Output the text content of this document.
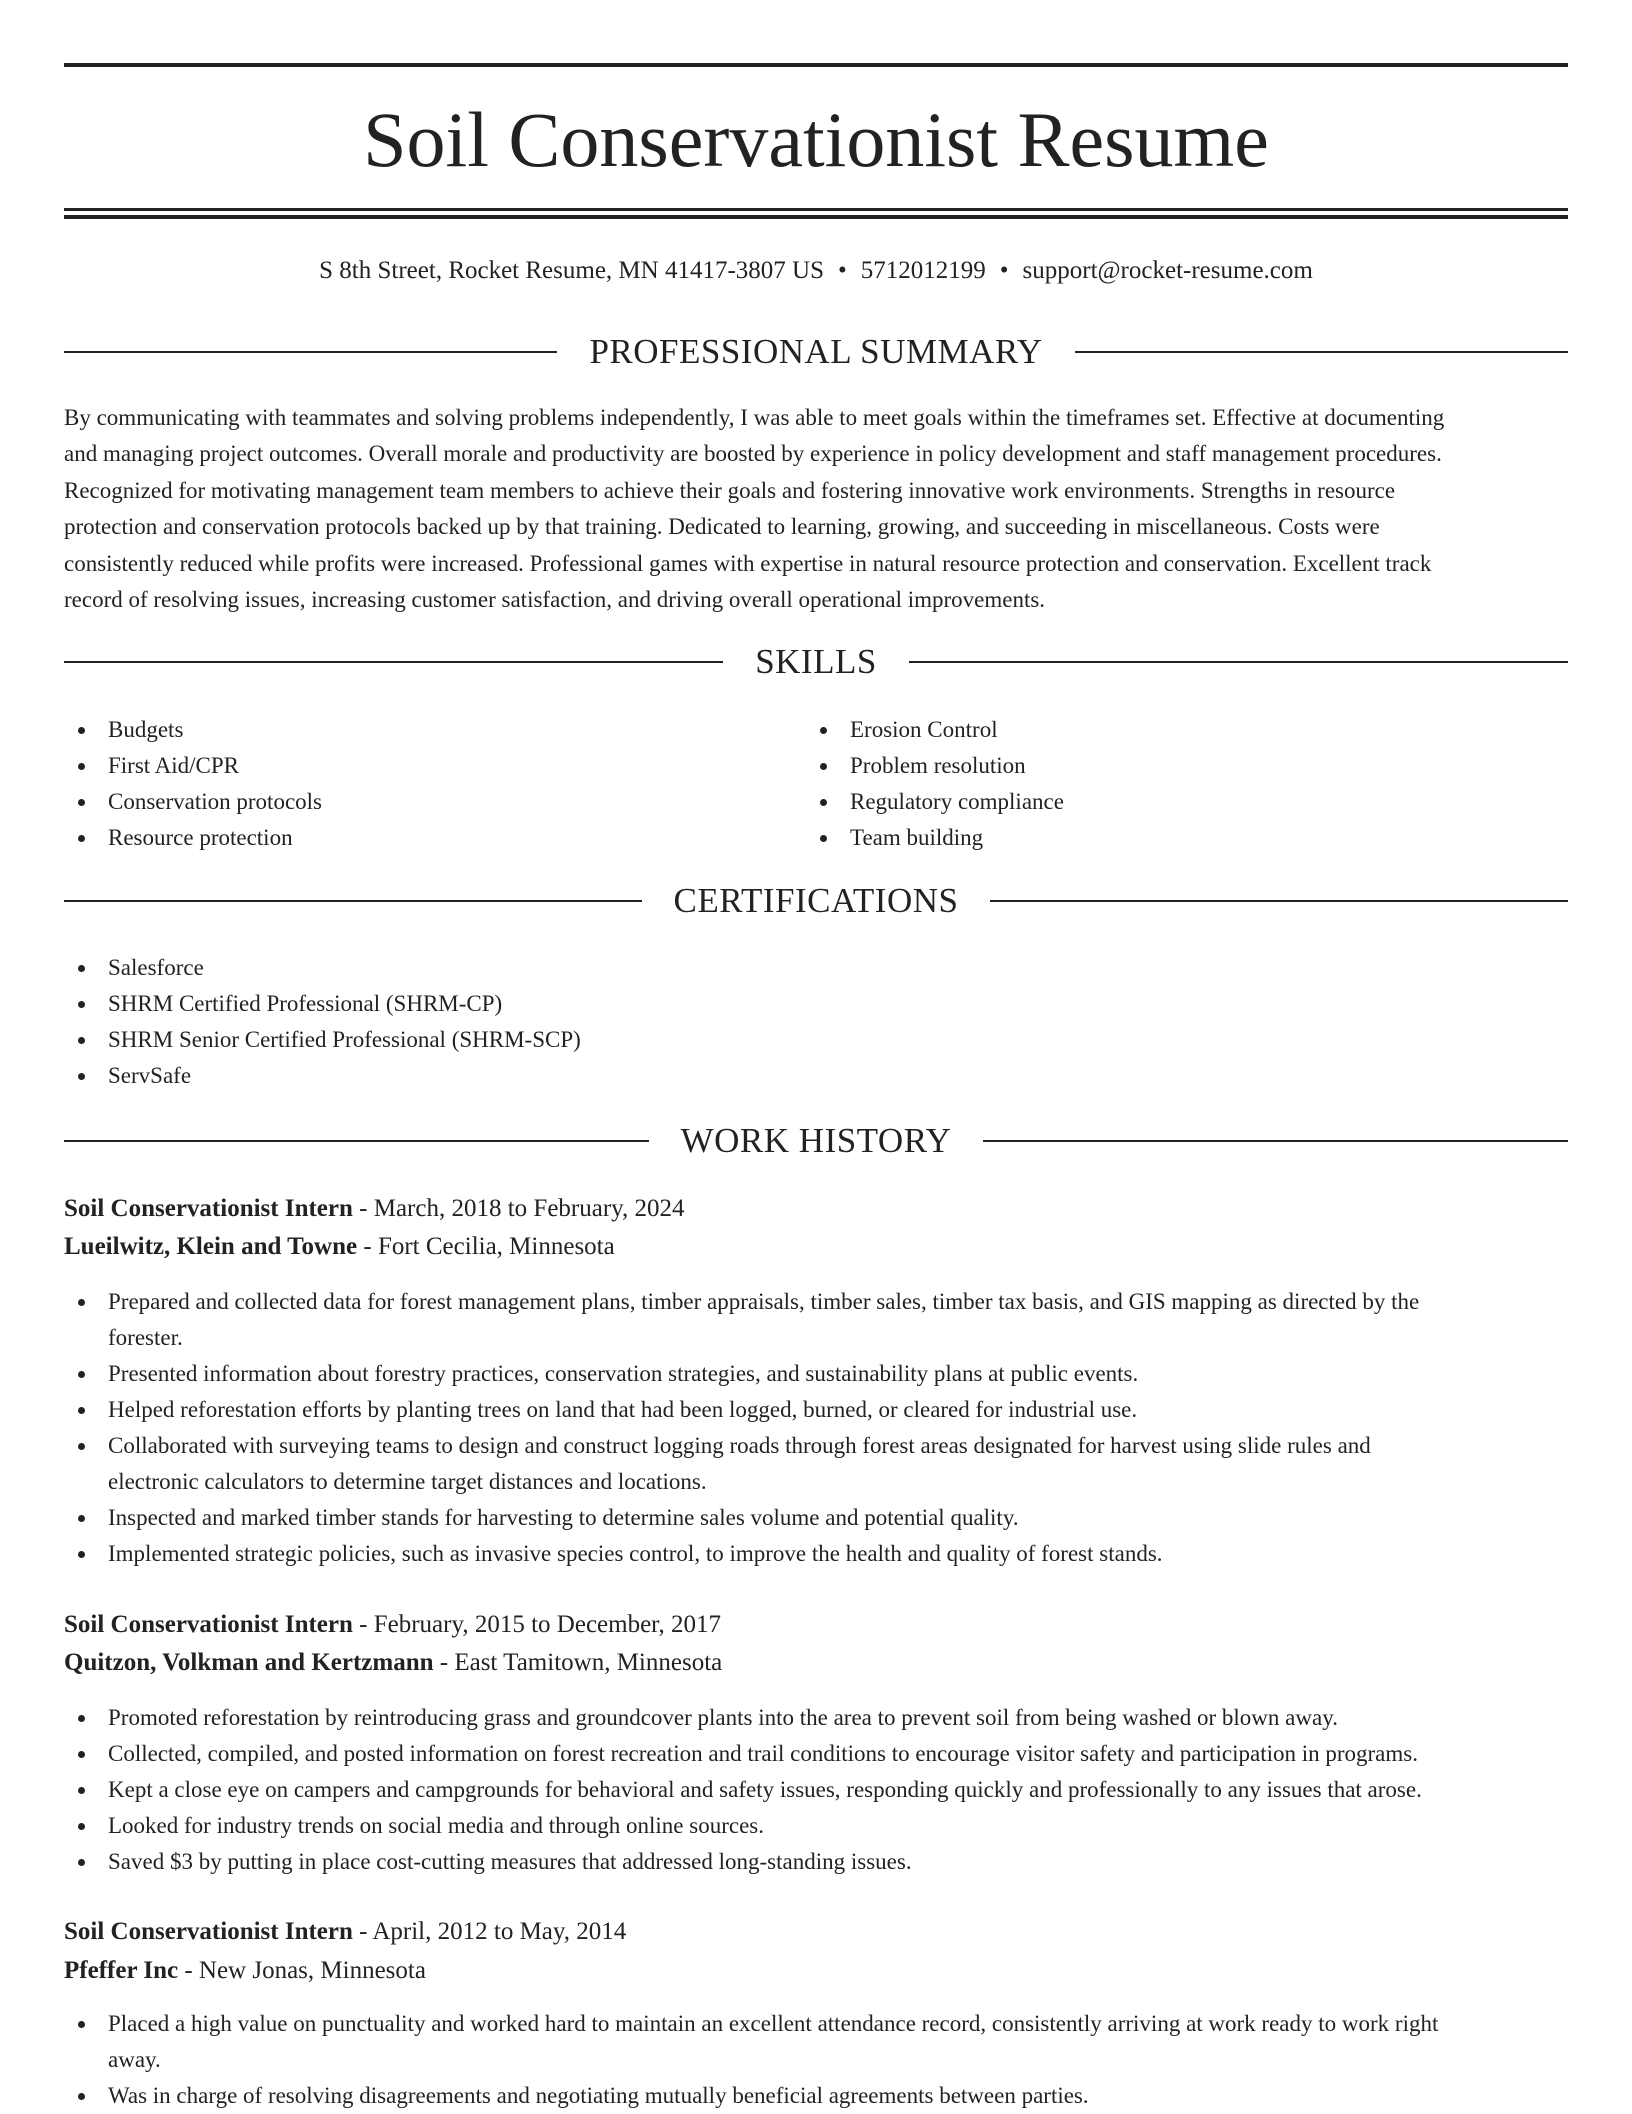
Soil Conservationist Resume
S 8th Street, Rocket Resume, MN 41417-3807 US • 5712012199 • support@rocket-resume.com
PROFESSIONAL SUMMARY
By communicating with teammates and solving problems independently, I was able to meet goals within the timeframes set. Effective at documenting
and managing project outcomes. Overall morale and productivity are boosted by experience in policy development and staff management procedures.
Recognized for motivating management team members to achieve their goals and fostering innovative work environments. Strengths in resource
protection and conservation protocols backed up by that training. Dedicated to learning, growing, and succeeding in miscellaneous. Costs were
consistently reduced while profits were increased. Professional games with expertise in natural resource protection and conservation. Excellent track
record of resolving issues, increasing customer satisfaction, and driving overall operational improvements.
SKILLS
Budgets
First Aid/CPR
Conservation protocols
Resource protection
Erosion Control
Problem resolution
Regulatory compliance
Team building
CERTIFICATIONS
Salesforce
SHRM Certified Professional (SHRM-CP)
SHRM Senior Certified Professional (SHRM-SCP)
ServSafe
WORK HISTORY
Soil Conservationist Intern - March, 2018 to February, 2024
Lueilwitz, Klein and Towne - Fort Cecilia, Minnesota
Prepared and collected data for forest management plans, timber appraisals, timber sales, timber tax basis, and GIS mapping as directed by the
forester.
Presented information about forestry practices, conservation strategies, and sustainability plans at public events.
Helped reforestation efforts by planting trees on land that had been logged, burned, or cleared for industrial use.
Collaborated with surveying teams to design and construct logging roads through forest areas designated for harvest using slide rules and
electronic calculators to determine target distances and locations.
Inspected and marked timber stands for harvesting to determine sales volume and potential quality.
Implemented strategic policies, such as invasive species control, to improve the health and quality of forest stands.
Soil Conservationist Intern - February, 2015 to December, 2017
Quitzon, Volkman and Kertzmann - East Tamitown, Minnesota
Promoted reforestation by reintroducing grass and groundcover plants into the area to prevent soil from being washed or blown away.
Collected, compiled, and posted information on forest recreation and trail conditions to encourage visitor safety and participation in programs.
Kept a close eye on campers and campgrounds for behavioral and safety issues, responding quickly and professionally to any issues that arose.
Looked for industry trends on social media and through online sources.
Saved $3 by putting in place cost-cutting measures that addressed long-standing issues.
Soil Conservationist Intern - April, 2012 to May, 2014
Pfeffer Inc - New Jonas, Minnesota
Placed a high value on punctuality and worked hard to maintain an excellent attendance record, consistently arriving at work ready to work right
away.
Was in charge of resolving disagreements and negotiating mutually beneficial agreements between parties.
